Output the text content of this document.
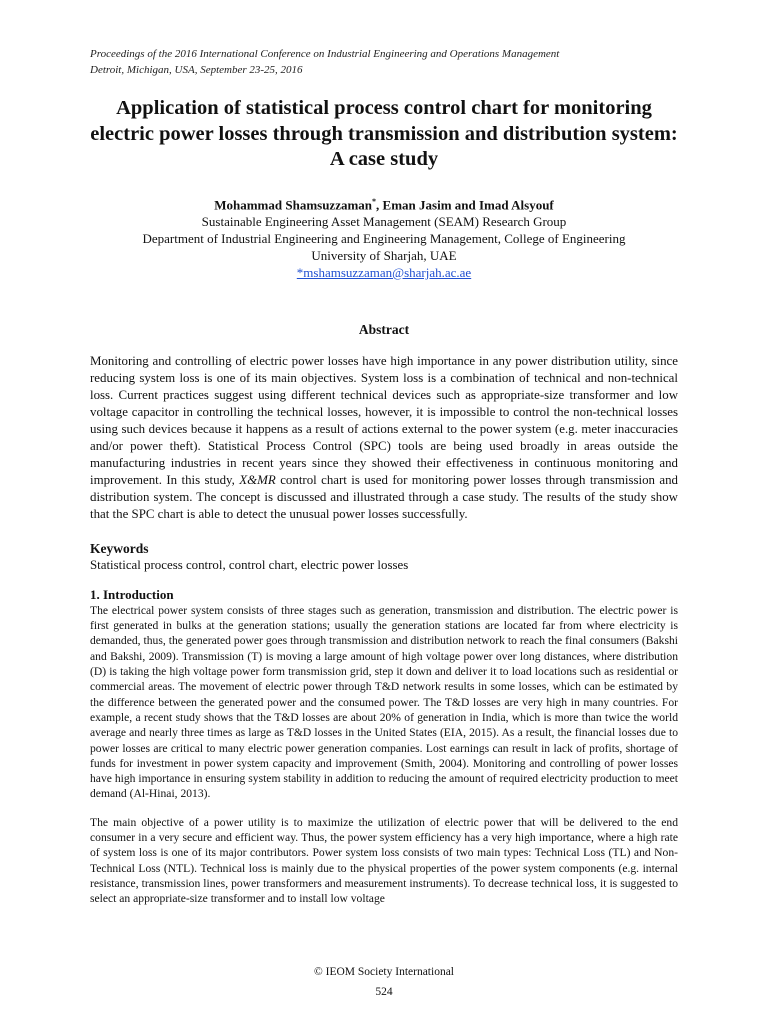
Proceedings of the 2016 International Conference on Industrial Engineering and Operations Management
Detroit, Michigan, USA, September 23-25, 2016
Application of statistical process control chart for monitoring electric power losses through transmission and distribution system: A case study
Mohammad Shamsuzzaman*, Eman Jasim and Imad Alsyouf
Sustainable Engineering Asset Management (SEAM) Research Group
Department of Industrial Engineering and Engineering Management, College of Engineering
University of Sharjah, UAE
*mshamsuzzaman@sharjah.ac.ae
Abstract
Monitoring and controlling of electric power losses have high importance in any power distribution utility, since reducing system loss is one of its main objectives. System loss is a combination of technical and non-technical loss. Current practices suggest using different technical devices such as appropriate-size transformer and low voltage capacitor in controlling the technical losses, however, it is impossible to control the non-technical losses using such devices because it happens as a result of actions external to the power system (e.g. meter inaccuracies and/or power theft). Statistical Process Control (SPC) tools are being used broadly in areas outside the manufacturing industries in recent years since they showed their effectiveness in continuous monitoring and improvement. In this study, X&MR control chart is used for monitoring power losses through transmission and distribution system. The concept is discussed and illustrated through a case study. The results of the study show that the SPC chart is able to detect the unusual power losses successfully.
Keywords
Statistical process control, control chart, electric power losses
1. Introduction
The electrical power system consists of three stages such as generation, transmission and distribution. The electric power is first generated in bulks at the generation stations; usually the generation stations are located far from where electricity is demanded, thus, the generated power goes through transmission and distribution network to reach the final consumers (Bakshi and Bakshi, 2009). Transmission (T) is moving a large amount of high voltage power over long distances, where distribution (D) is taking the high voltage power form transmission grid, step it down and deliver it to load locations such as residential or commercial areas. The movement of electric power through T&D network results in some losses, which can be estimated by the difference between the generated power and the consumed power. The T&D losses are very high in many countries. For example, a recent study shows that the T&D losses are about 20% of generation in India, which is more than twice the world average and nearly three times as large as T&D losses in the United States (EIA, 2015). As a result, the financial losses due to power losses are critical to many electric power generation companies. Lost earnings can result in lack of profits, shortage of funds for investment in power system capacity and improvement (Smith, 2004). Monitoring and controlling of power losses have high importance in ensuring system stability in addition to reducing the amount of required electricity production to meet demand (Al-Hinai, 2013).
The main objective of a power utility is to maximize the utilization of electric power that will be delivered to the end consumer in a very secure and efficient way. Thus, the power system efficiency has a very high importance, where a high rate of system loss is one of its major contributors. Power system loss consists of two main types: Technical Loss (TL) and Non-Technical Loss (NTL). Technical loss is mainly due to the physical properties of the power system components (e.g. internal resistance, transmission lines, power transformers and measurement instruments). To decrease technical loss, it is suggested to select an appropriate-size transformer and to install low voltage
© IEOM Society International
524
